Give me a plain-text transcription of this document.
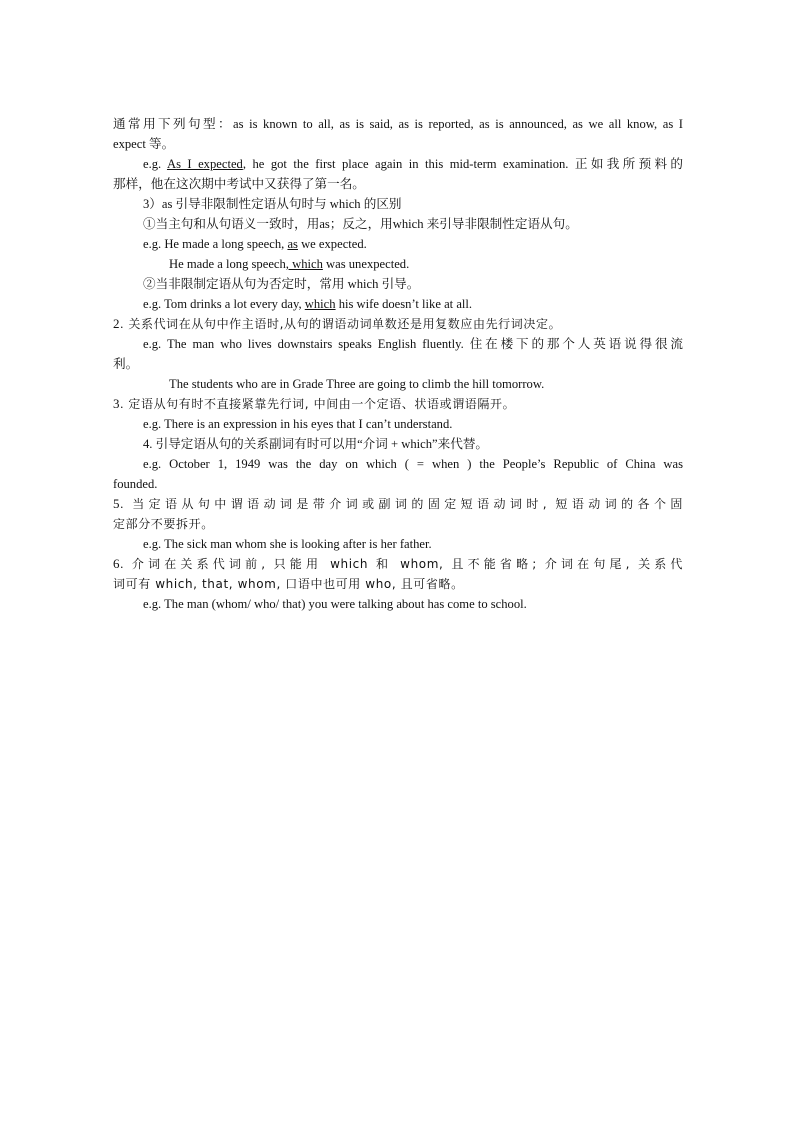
通常用下列句型：as is known to all, as is said, as is reported, as is announced, as we all know, as I

expect 等。

e.g. As I expected, he got the first place again in this mid-term examination. 正如我所预料的

那样，他在这次期中考试中又获得了第一名。

3）as 引导非限制性定语从句时与 which 的区别

①当主句和从句语义一致时，用as；反之，用which 来引导非限制性定语从句。

e.g. He made a long speech, as we expected.

He made a long speech, which was unexpected.

②当非限制定语从句为否定时，常用 which 引导。

e.g. Tom drinks a lot every day, which his wife doesn’t like at all.

2. 关系代词在从句中作主语时,从句的谓语动词单数还是用复数应由先行词决定。

e.g. The man who lives downstairs speaks English fluently. 住在楼下的那个人英语说得很流

利。

The students who are in Grade Three are going to climb the hill tomorrow.

3. 定语从句有时不直接紧靠先行词, 中间由一个定语、状语或谓语隔开。

e.g. There is an expression in his eyes that I can’t understand.

4. 引导定语从句的关系副词有时可以用“介词 + which”来代替。

e.g. October 1, 1949 was the day on which ( = when ) the People’s Republic of China was

founded.

5. 当定语从句中谓语动词是带介词或副词的固定短语动词时, 短语动词的各个固

定部分不要拆开。

e.g. The sick man whom she is looking after is her father.

6. 介词在关系代词前, 只能用 which 和 whom, 且不能省略; 介词在句尾, 关系代

词可有 which, that, whom, 口语中也可用 who, 且可省略。

e.g. The man (whom/ who/ that) you were talking about has come to school.
